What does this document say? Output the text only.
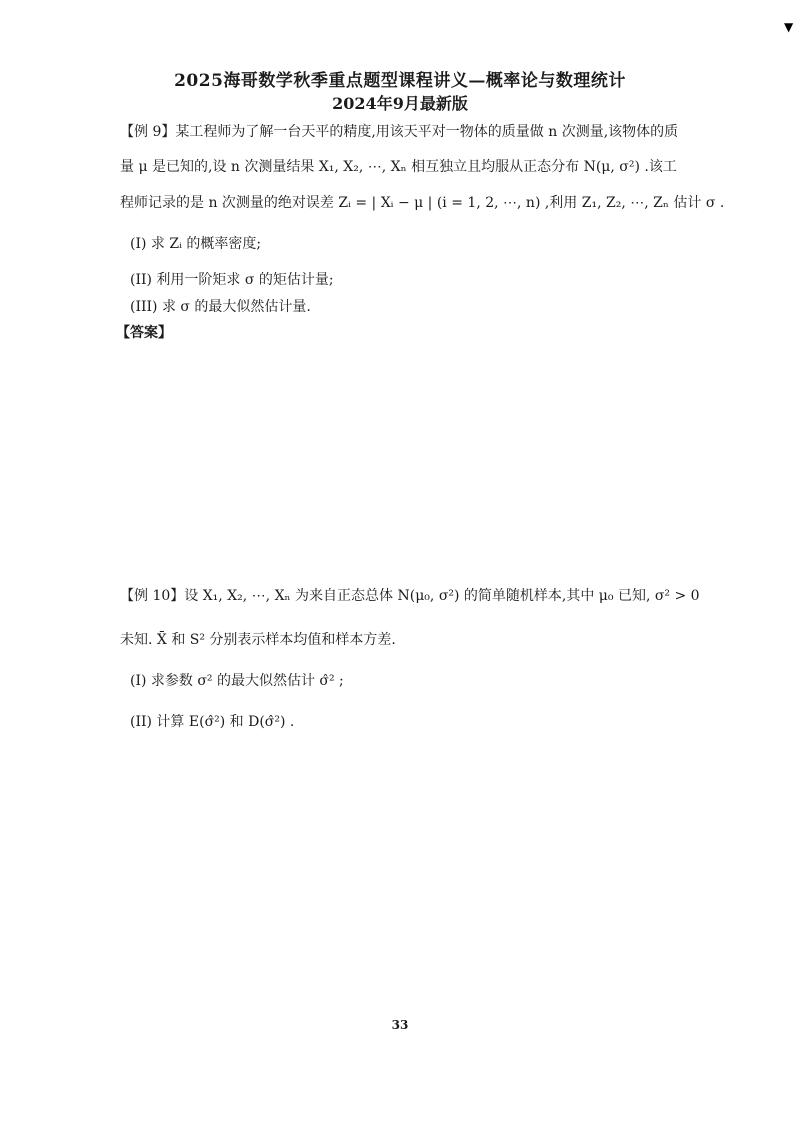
▼
2025海哥数学秋季重点题型课程讲义—概率论与数理统计
2024年9月最新版
【例 9】某工程师为了解一台天平的精度,用该天平对一物体的质量做 n 次测量,该物体的质
量 μ 是已知的,设 n 次测量结果 X₁, X₂, ⋯, Xₙ 相互独立且均服从正态分布 N(μ, σ²) .该工
程师记录的是 n 次测量的绝对误差 Zᵢ = | Xᵢ − μ | (i = 1, 2, ⋯, n) ,利用 Z₁, Z₂, ⋯, Zₙ 估计 σ .
(I) 求 Zᵢ 的概率密度;
(II) 利用一阶矩求 σ 的矩估计量;
(III) 求 σ 的最大似然估计量.
【答案】
【例 10】设 X₁, X₂, ⋯, Xₙ 为来自正态总体 N(μ₀, σ²) 的简单随机样本,其中 μ₀ 已知, σ² > 0
未知. X̄ 和 S² 分别表示样本均值和样本方差.
(I) 求参数 σ² 的最大似然估计 σ̂² ;
(II) 计算 E(σ̂²) 和 D(σ̂²) .
33
